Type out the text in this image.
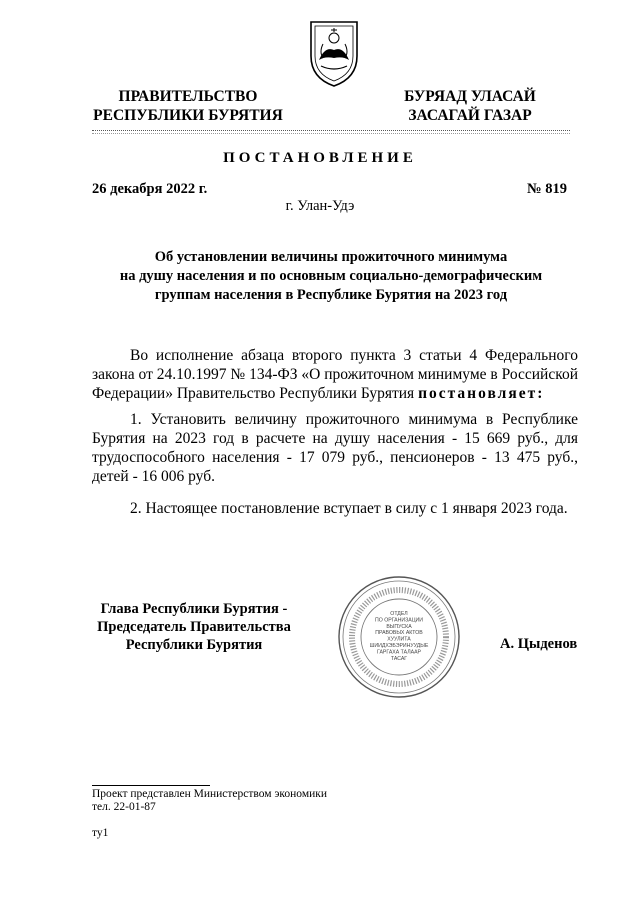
ПРАВИТЕЛЬСТВО
РЕСПУБЛИКИ БУРЯТИЯ
БУРЯАД УЛАСАЙ
ЗАСАГАЙ ГАЗАР
ПОСТАНОВЛЕНИЕ
26 декабря 2022 г.	№ 819
г. Улан-Удэ
Об установлении величины прожиточного минимума
на душу населения и по основным социально-демографическим
группам населения в Республике Бурятия на 2023 год
Во исполнение абзаца второго пункта 3 статьи 4 Федерального закона от 24.10.1997 № 134-ФЗ «О прожиточном минимуме в Российской Федерации» Правительство Республики Бурятия постановляет:
1. Установить величину прожиточного минимума в Республике Бурятия на 2023 год в расчете на душу населения - 15 669 руб., для трудоспособного населения - 17 079 руб., пенсионеров - 13 475 руб., детей - 16 006 руб.
2. Настоящее постановление вступает в силу с 1 января 2023 года.
Глава Республики Бурятия -
Председатель Правительства
Республики Бурятия
ОТДЕЛ
ПО ОРГАНИЗАЦИИ
ВЫПУСКА
ПРАВОВЫХ АКТОВ
ХУУЛИТА
ШИИДХЭБЭРИНУУДЫЕ
ГАРГАХА ТАЛААР
ТАСАГ
А. Цыденов
Проект представлен Министерством экономики
тел. 22-01-87
ту1
